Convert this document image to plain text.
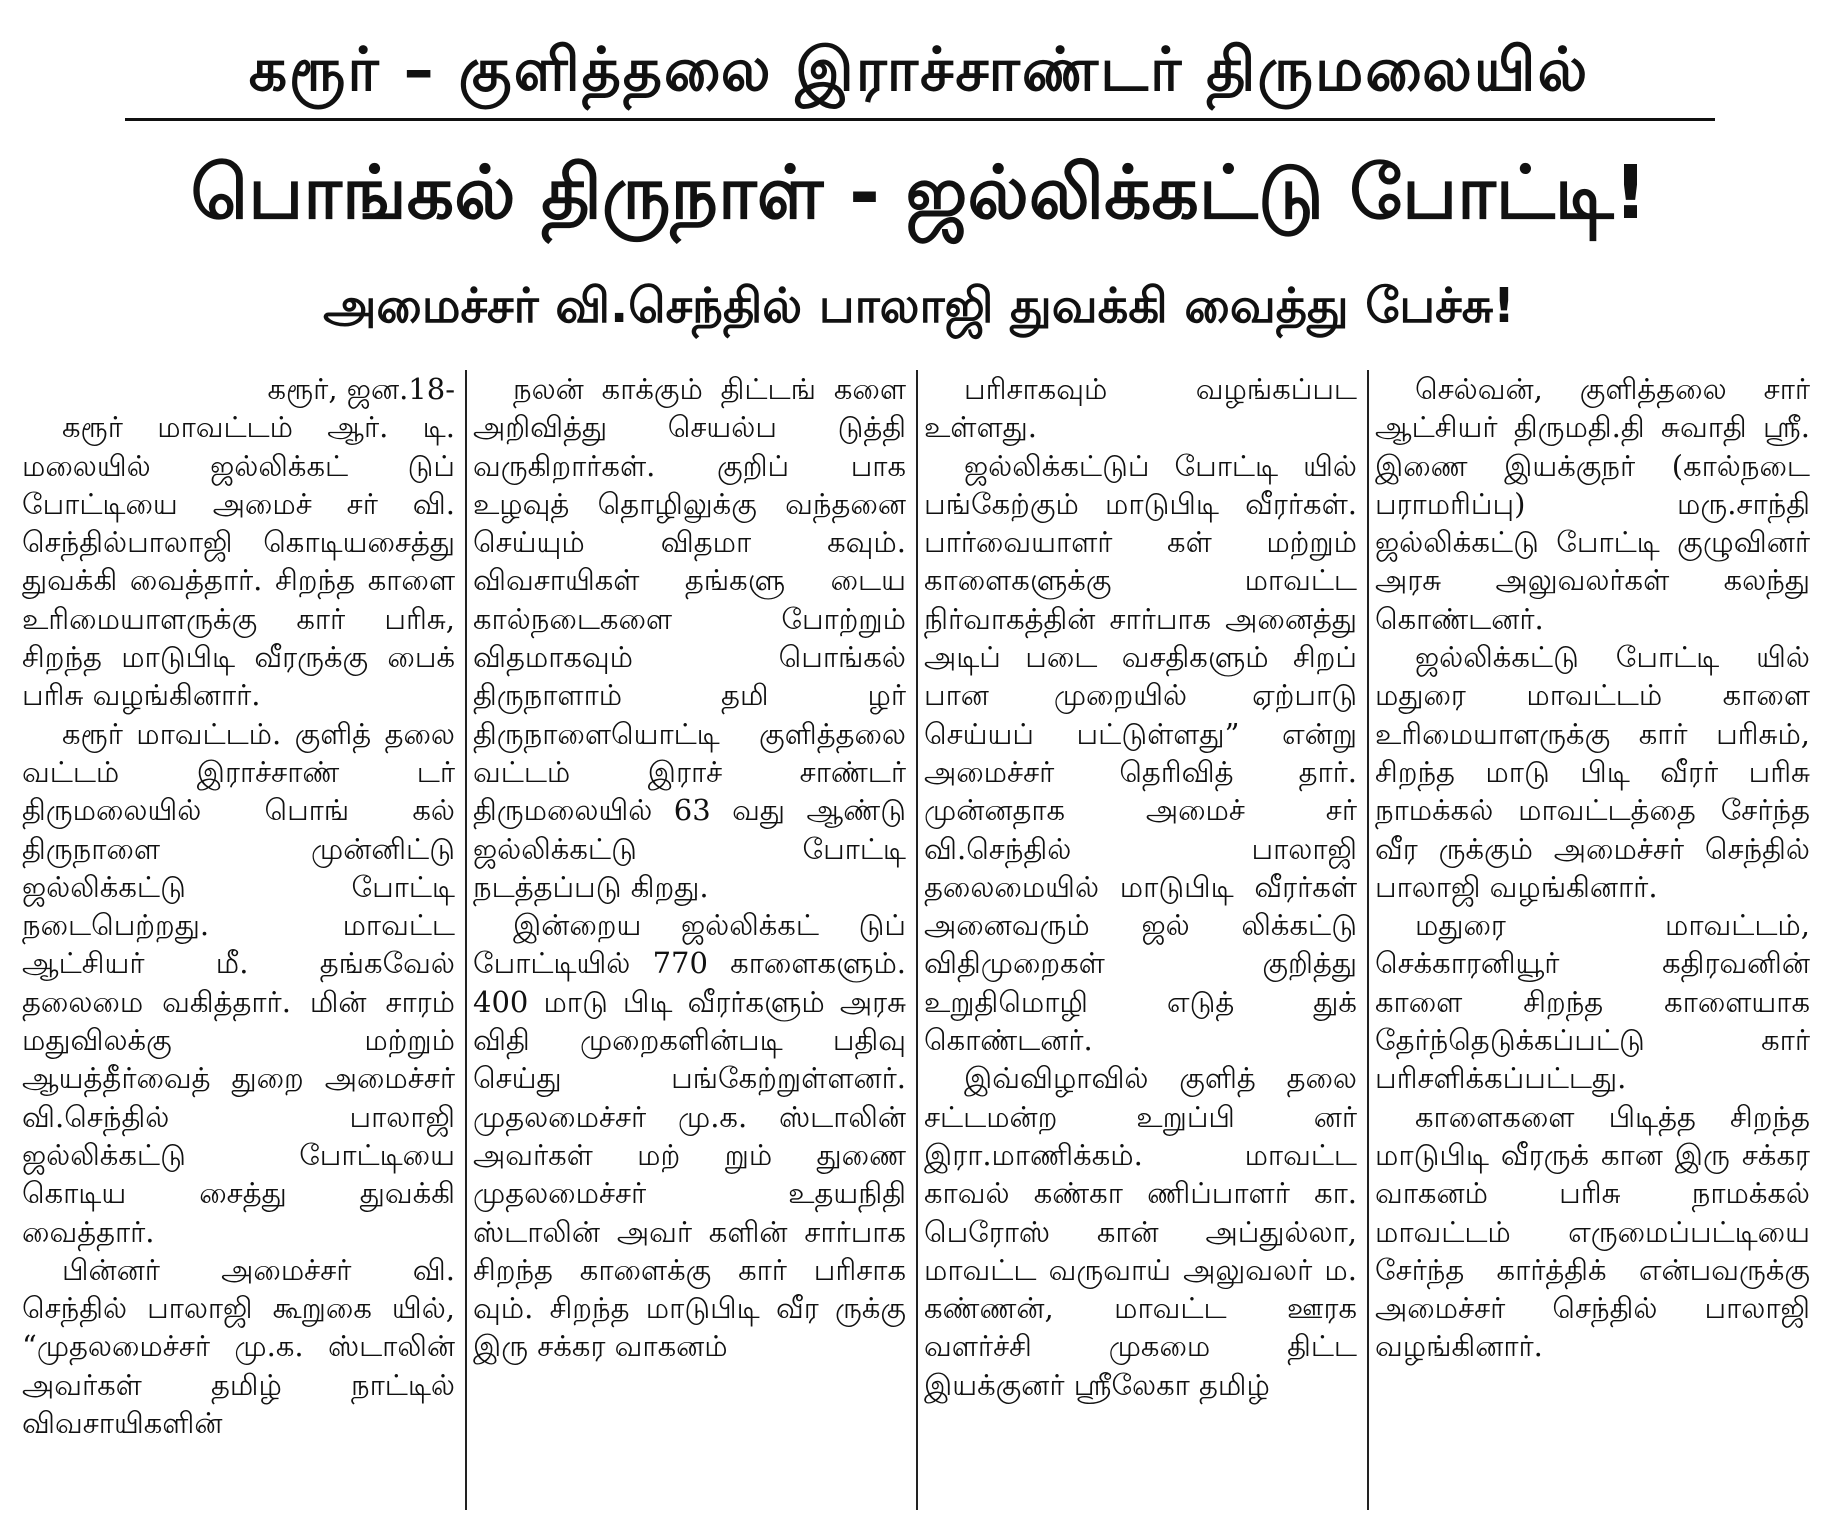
கரூர் – குளித்தலை இராச்சாண்டர் திருமலையில்
பொங்கல் திருநாள் - ஜல்லிக்கட்டு போட்டி!
அமைச்சர் வி.செந்தில் பாலாஜி துவக்கி வைத்து பேச்சு!

கரூர், ஜன.18-

கரூர் மாவட்டம் ஆர். டி. மலையில் ஜல்லிக்கட் டுப் போட்டியை அமைச் சர் வி. செந்தில்பாலாஜி கொடியசைத்து துவக்கி வைத்தார். சிறந்த காளை உரிமையாளருக்கு கார் பரிசு, சிறந்த மாடுபிடி வீரருக்கு பைக் பரிசு வழங்கினார்.

கரூர் மாவட்டம். குளித் தலை வட்டம் இராச்சாண் டர் திருமலையில் பொங் கல் திருநாளை முன்னிட்டு ஜல்லிக்கட்டு போட்டி நடைபெற்றது. மாவட்ட ஆட்சியர் மீ. தங்கவேல் தலைமை வகித்தார். மின் சாரம் மதுவிலக்கு மற்றும் ஆயத்தீர்வைத் துறை அமைச்சர் வி.செந்தில் பாலாஜி ஜல்லிக்கட்டு போட்டியை கொடிய சைத்து துவக்கி வைத்தார்.

பின்னர் அமைச்சர் வி. செந்தில் பாலாஜி கூறுகை யில், “முதலமைச்சர் மு.க. ஸ்டாலின் அவர்கள் தமிழ் நாட்டில் விவசாயிகளின்

நலன் காக்கும் திட்டங் களை அறிவித்து செயல்ப டுத்தி வருகிறார்கள். குறிப் பாக உழவுத் தொழிலுக்கு வந்தனை செய்யும் விதமா கவும். விவசாயிகள் தங்களு டைய கால்நடைகளை போற்றும் விதமாகவும் பொங்கல் திருநாளாம் தமி ழர் திருநாளையொட்டி குளித்தலை வட்டம் இராச் சாண்டர் திருமலையில் 63 வது ஆண்டு ஜல்லிக்கட்டு போட்டி நடத்தப்படு கிறது.

இன்றைய ஜல்லிக்கட் டுப் போட்டியில் 770 காளைகளும். 400 மாடு பிடி வீரர்களும் அரசு விதி முறைகளின்படி பதிவு செய்து பங்கேற்றுள்ளனர். முதலமைச்சர் மு.க. ஸ்டாலின் அவர்கள் மற் றும் துணை முதலமைச்சர் உதயநிதி ஸ்டாலின் அவர் களின் சார்பாக சிறந்த காளைக்கு கார் பரிசாக வும். சிறந்த மாடுபிடி வீர ருக்கு இரு சக்கர வாகனம்

பரிசாகவும் வழங்கப்பட உள்ளது.

ஜல்லிக்கட்டுப் போட்டி யில் பங்கேற்கும் மாடுபிடி வீரர்கள். பார்வையாளர் கள் மற்றும் காளைகளுக்கு மாவட்ட நிர்வாகத்தின் சார்பாக அனைத்து அடிப் படை வசதிகளும் சிறப் பான முறையில் ஏற்பாடு செய்யப் பட்டுள்ளது” என்று அமைச்சர் தெரிவித் தார். முன்னதாக அமைச் சர் வி.செந்தில் பாலாஜி தலைமையில் மாடுபிடி வீரர்கள் அனைவரும் ஜல் லிக்கட்டு விதிமுறைகள் குறித்து உறுதிமொழி எடுத் துக் கொண்டனர்.

இவ்விழாவில் குளித் தலை சட்டமன்ற உறுப்பி னர் இரா.மாணிக்கம். மாவட்ட காவல் கண்கா ணிப்பாளர் கா. பெரோஸ் கான் அப்துல்லா, மாவட்ட வருவாய் அலுவலர் ம. கண்ணன், மாவட்ட ஊரக வளர்ச்சி முகமை திட்ட இயக்குனர் ஸ்ரீலேகா தமிழ்

செல்வன், குளித்தலை சார் ஆட்சியர் திருமதி.தி சுவாதி ஸ்ரீ. இணை இயக்குநர் (கால்நடை பராமரிப்பு) மரு.சாந்தி ஜல்லிக்கட்டு போட்டி குழுவினர் அரசு அலுவலர்கள் கலந்து கொண்டனர்.

ஜல்லிக்கட்டு போட்டி யில் மதுரை மாவட்டம் காளை உரிமையாளருக்கு கார் பரிசும், சிறந்த மாடு பிடி வீரர் பரிசு நாமக்கல் மாவட்டத்தை சேர்ந்த வீர ருக்கும் அமைச்சர் செந்தில் பாலாஜி வழங்கினார்.

மதுரை மாவட்டம், செக்காரனியூர் கதிரவனின் காளை சிறந்த காளையாக தேர்ந்தெடுக்கப்பட்டு கார் பரிசளிக்கப்பட்டது.

காளைகளை பிடித்த சிறந்த மாடுபிடி வீரருக் கான இரு சக்கர வாகனம் பரிசு நாமக்கல் மாவட்டம் எருமைப்பட்டியை சேர்ந்த கார்த்திக் என்பவருக்கு அமைச்சர் செந்தில் பாலாஜி வழங்கினார்.
